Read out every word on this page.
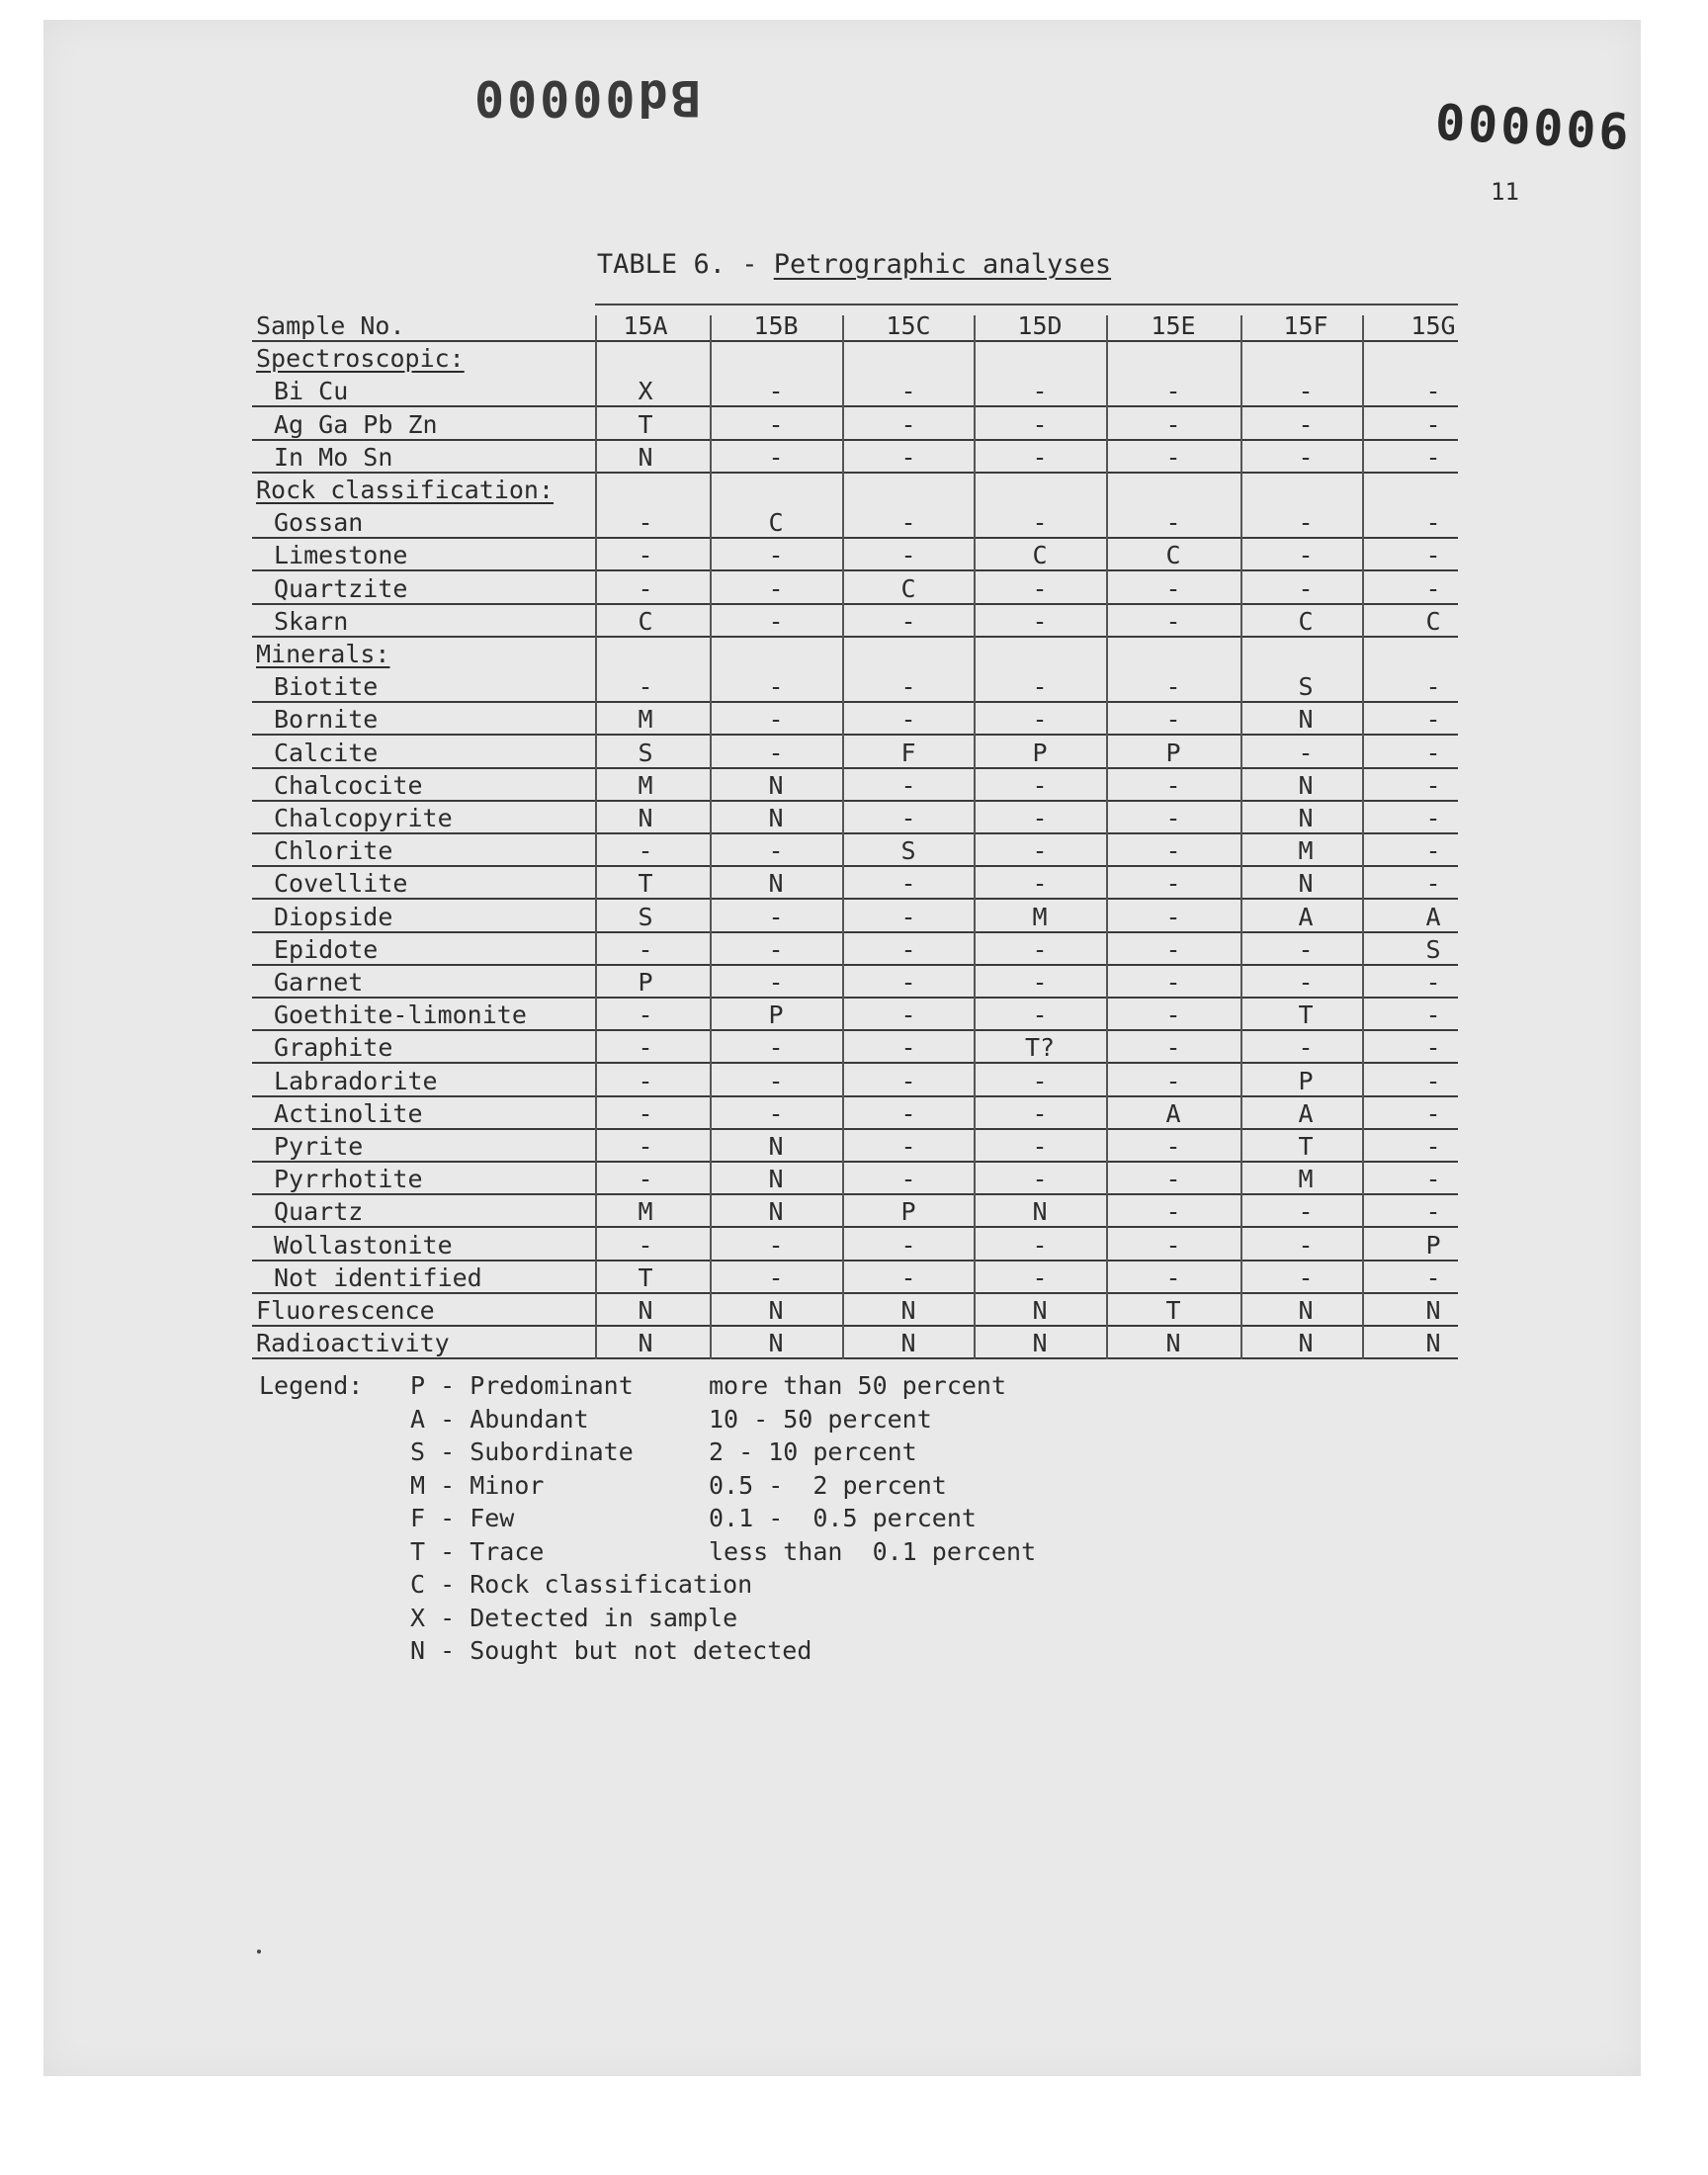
Bd00000	000006
11
TABLE 6. - Petrographic analyses
Sample No.	15A	15B	15C	15D	15E	15F	15G
Spectroscopic:
Bi Cu	X	-	-	-	-	-	-
Ag Ga Pb Zn	T	-	-	-	-	-	-
In Mo Sn	N	-	-	-	-	-	-
Rock classification:
Gossan	-	C	-	-	-	-	-
Limestone	-	-	-	C	C	-	-
Quartzite	-	-	C	-	-	-	-
Skarn	C	-	-	-	-	C	C
Minerals:
Biotite	-	-	-	-	-	S	-
Bornite	M	-	-	-	-	N	-
Calcite	S	-	F	P	P	-	-
Chalcocite	M	N	-	-	-	N	-
Chalcopyrite	N	N	-	-	-	N	-
Chlorite	-	-	S	-	-	M	-
Covellite	T	N	-	-	-	N	-
Diopside	S	-	-	M	-	A	A
Epidote	-	-	-	-	-	-	S
Garnet	P	-	-	-	-	-	-
Goethite-limonite	-	P	-	-	-	T	-
Graphite	-	-	-	T?	-	-	-
Labradorite	-	-	-	-	-	P	-
Actinolite	-	-	-	-	A	A	-
Pyrite	-	N	-	-	-	T	-
Pyrrhotite	-	N	-	-	-	M	-
Quartz	M	N	P	N	-	-	-
Wollastonite	-	-	-	-	-	-	P
Not identified	T	-	-	-	-	-	-
Fluorescence	N	N	N	N	T	N	N
Radioactivity	N	N	N	N	N	N	N
Legend: P - Predominant	more than 50 percent
A - Abundant	10 - 50 percent
S - Subordinate	2 - 10 percent
M - Minor	0.5 -  2 percent
F - Few	0.1 -  0.5 percent
T - Trace	less than  0.1 percent
C - Rock classification
X - Detected in sample
N - Sought but not detected
